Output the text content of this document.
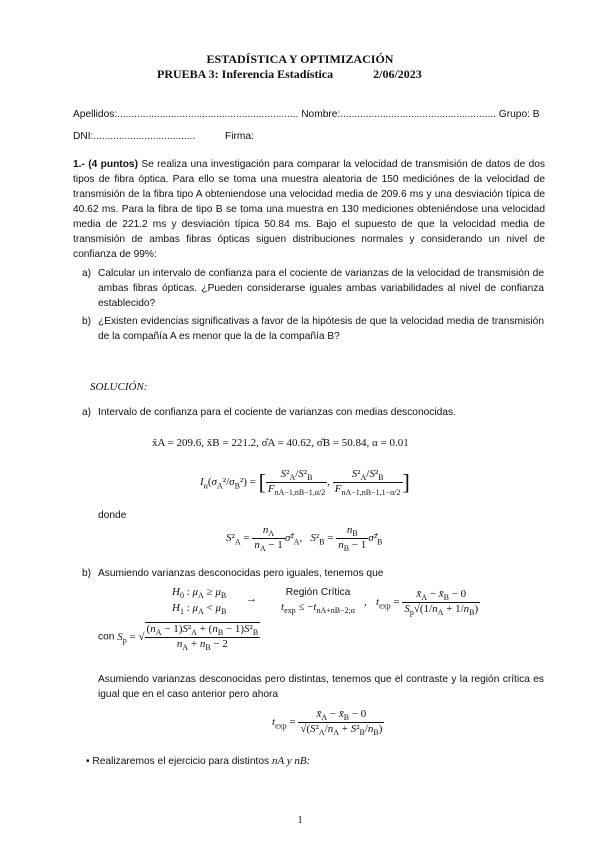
ESTADÍSTICA Y OPTIMIZACIÓN
PRUEBA 3: Inferencia Estadística	2/06/2023
Apellidos:................................................................ Nombre:....................................................... Grupo: B
DNI:....................................	Firma:
1.- (4 puntos) Se realiza una investigación para comparar la velocidad de transmisión de datos de dos tipos de fibra óptica. Para ello se toma una muestra aleatoria de 150 mediciónes de la velocidad de transmisión de la fibra tipo A obteniendose una velocidad media de 209.6 ms y una desviación típica de 40.62 ms. Para la fibra de tipo B se toma una muestra en 130 mediciones obteniéndose una velocidad media de 221.2 ms y desviación típica 50.84 ms. Bajo el supuesto de que la velocidad media de transmisión de ambas fibras ópticas siguen distribuciones normales y considerando un nivel de confianza de 99%:
a) Calcular un intervalo de confianza para el cociente de varianzas de la velocidad de transmisión de ambas fibras ópticas. ¿Pueden considerarse iguales ambas variabilidades al nivel de confianza establecido?
b) ¿Existen evidencias significativas a favor de la hipótesis de que la velocidad media de transmisión de la compañía A es menor que la de la compañía B?
SOLUCIÓN:
a) Intervalo de confianza para el cociente de varianzas con medias desconocidas.
x̄A = 209.6, x̄B = 221.2, σ̂A = 40.62, σ̂B = 50.84, α = 0.01
$I_\alpha(\sigma_A^2/\sigma_B^2)$ = [ $\frac{S^2_A/S^2_B}{F_{nA-1,nB-1,\alpha/2}}$ , $\frac{S^2_A/S^2_B}{F_{nA-1,nB-1,1-\alpha/2}}$ ]
donde
$S^2_A = \frac{n_A}{n_A - 1}$ $\sigmâ^2_A$,   $S^2_B = \frac{n_B}{n_B - 1}$ $\sigmâ^2_B$
b) Asumiendo varianzas desconocidas pero iguales, tenemos que
$H_0$ : $\mu_A \ge \mu_B$
$H_1$ : $\mu_A < \mu_B$
→
Región Crítica
$t_{exp} \le -t_{nA+nB-2;\alpha}$
, $t_{exp} = \frac{x̄_A - x̄_B - 0}{S_p√(1/n_A + 1/n_B)}$
con $S_p$ = √ $\frac{(n_A - 1)S^2_A + (n_B - 1)S^2_B}{n_A + n_B - 2}$
Asumiendo varianzas desconocidas pero distintas, tenemos que el contraste y la región crítica es igual que en el caso anterior pero ahora
$t_{exp} = \frac{x̄_A - x̄_B - 0}{√(S^2_A/n_A + S^2_B/n_B)}$
• Realizaremos el ejercicio para distintos nA y nB:
1
